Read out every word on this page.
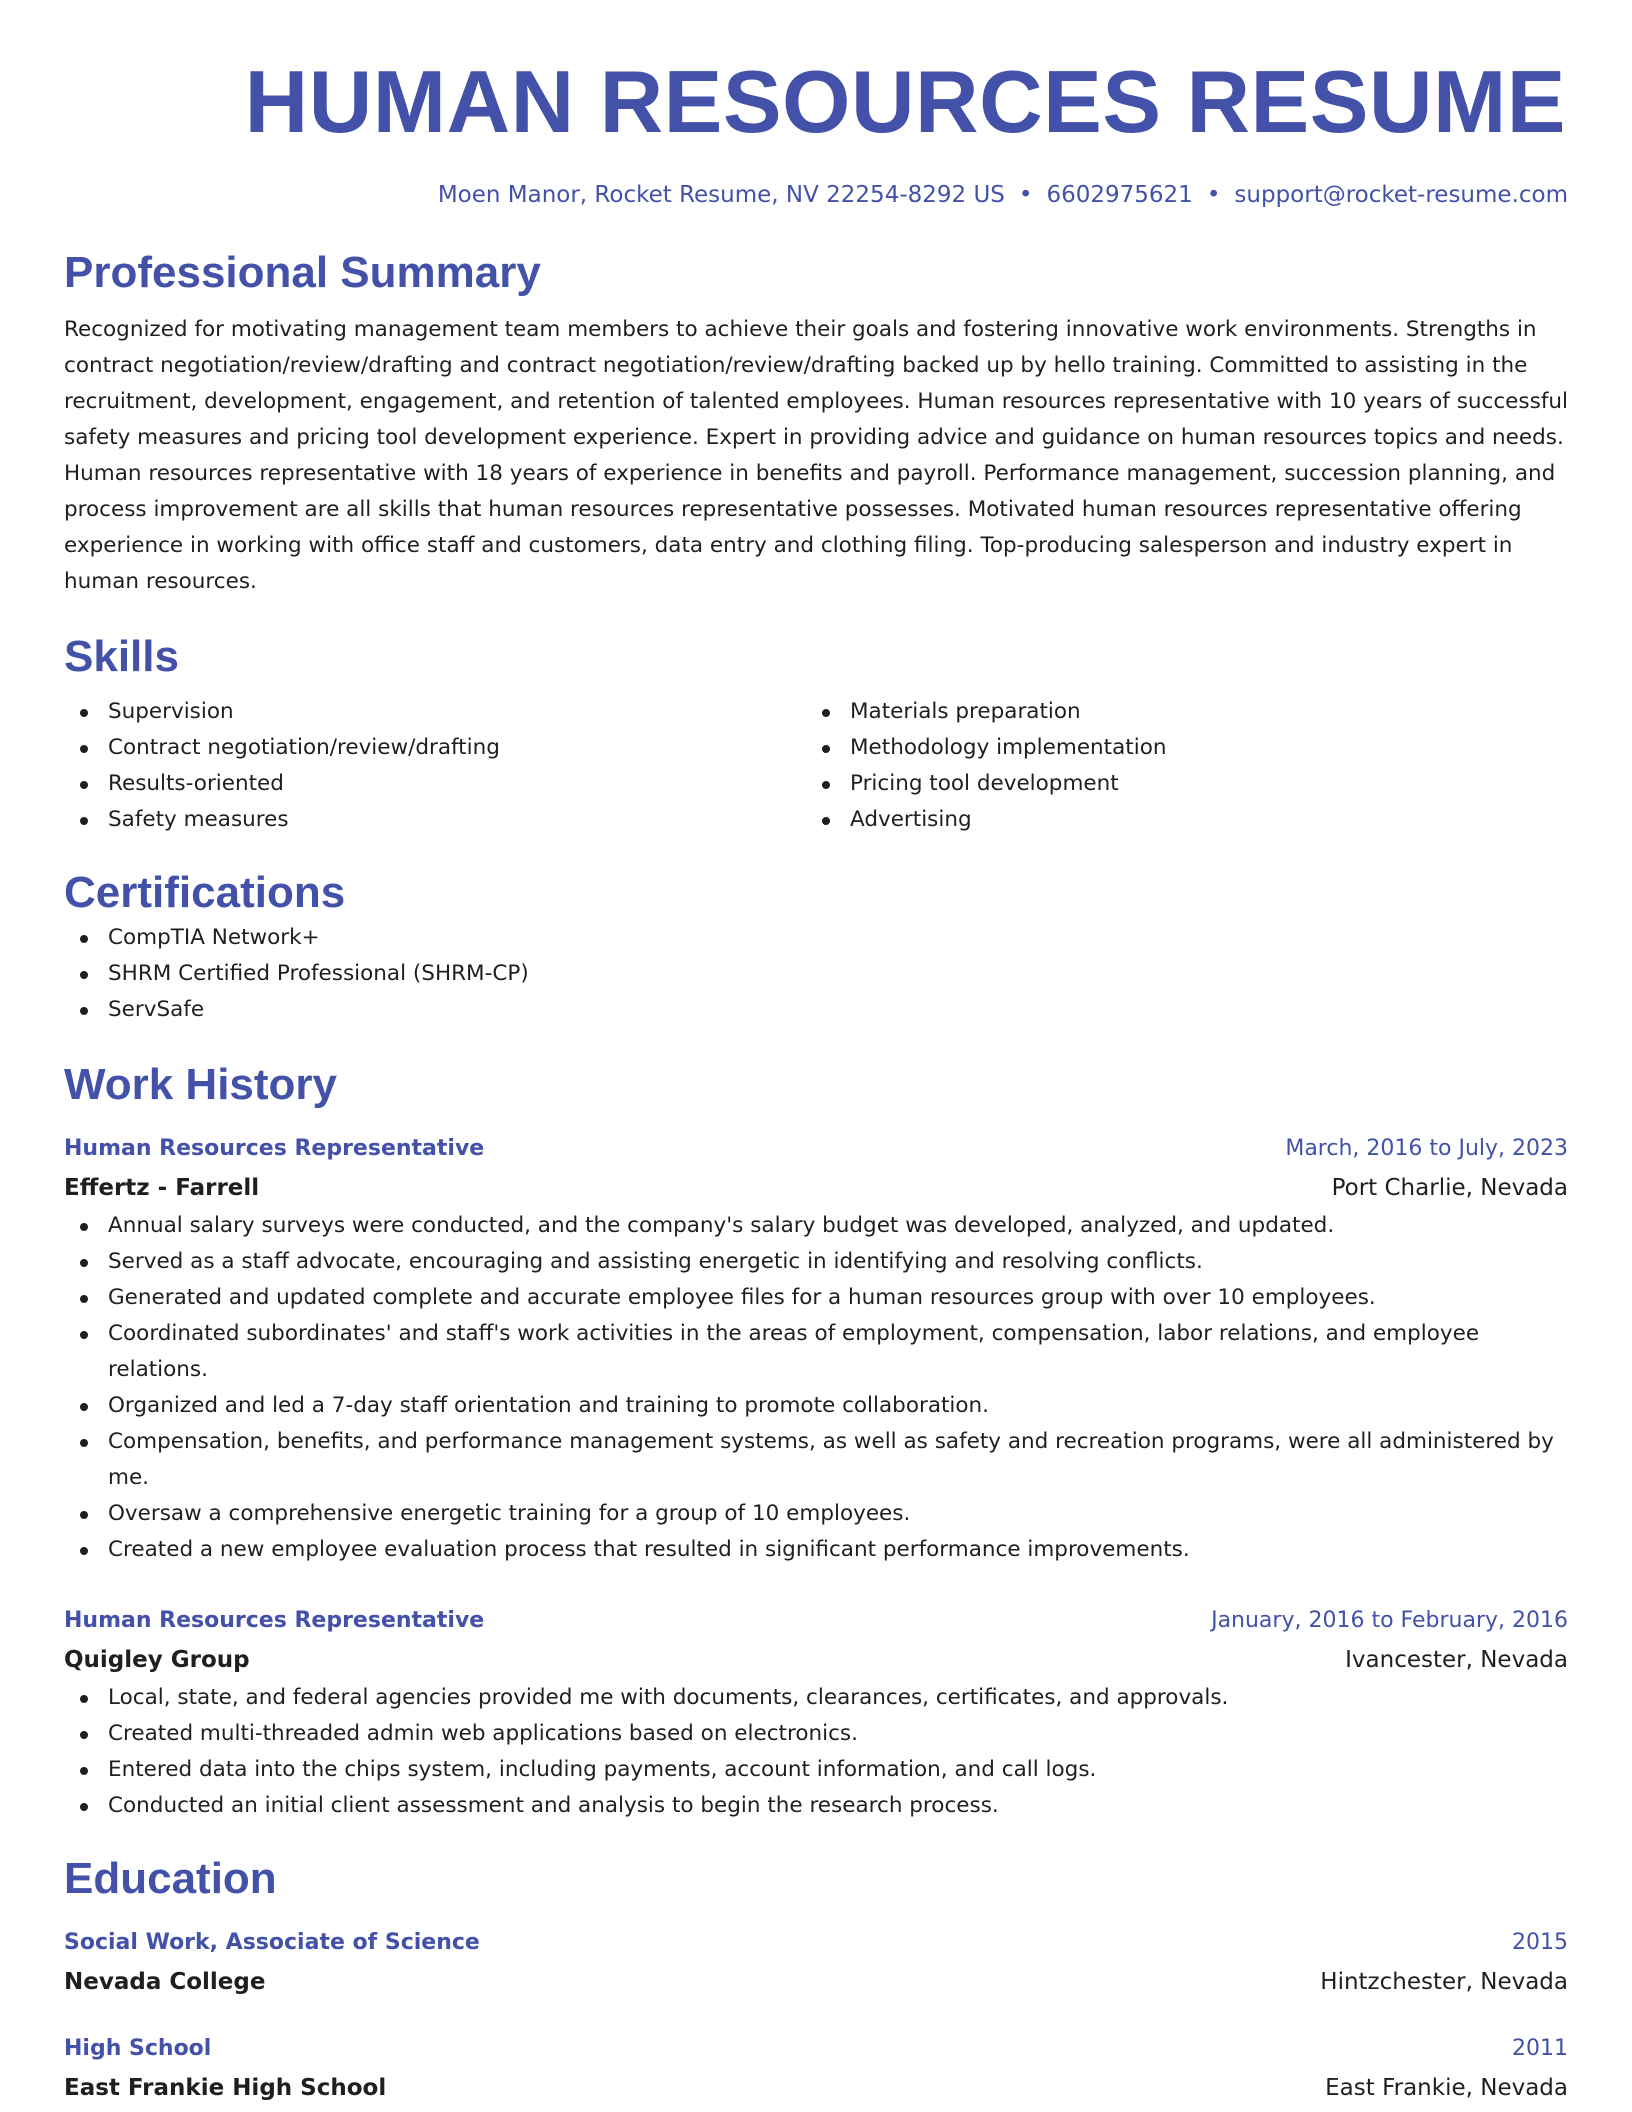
HUMAN RESOURCES RESUME
Moen Manor, Rocket Resume, NV 22254-8292 US • 6602975621 • support@rocket-resume.com
Professional Summary

Recognized for motivating management team members to achieve their goals and fostering innovative work environments. Strengths in contract negotiation/review/drafting and contract negotiation/review/drafting backed up by hello training. Committed to assisting in the recruitment, development, engagement, and retention of talented employees. Human resources representative with 10 years of successful safety measures and pricing tool development experience. Expert in providing advice and guidance on human resources topics and needs. Human resources representative with 18 years of experience in benefits and payroll. Performance management, succession planning, and process improvement are all skills that human resources representative possesses. Motivated human resources representative offering experience in working with office staff and customers, data entry and clothing filing. Top-producing salesperson and industry expert in human resources.

Skills
Supervision
Contract negotiation/review/drafting
Results-oriented
Safety measures
Materials preparation
Methodology implementation
Pricing tool development
Advertising
Certifications
CompTIA Network+
SHRM Certified Professional (SHRM-CP)
ServSafe
Work History
Human Resources Representative	March, 2016 to July, 2023
Effertz - Farrell	Port Charlie, Nevada
Annual salary surveys were conducted, and the company's salary budget was developed, analyzed, and updated.
Served as a staff advocate, encouraging and assisting energetic in identifying and resolving conflicts.
Generated and updated complete and accurate employee files for a human resources group with over 10 employees.
Coordinated subordinates' and staff's work activities in the areas of employment, compensation, labor relations, and employee relations.
Organized and led a 7-day staff orientation and training to promote collaboration.
Compensation, benefits, and performance management systems, as well as safety and recreation programs, were all administered by me.
Oversaw a comprehensive energetic training for a group of 10 employees.
Created a new employee evaluation process that resulted in significant performance improvements.
Human Resources Representative	January, 2016 to February, 2016
Quigley Group	Ivancester, Nevada
Local, state, and federal agencies provided me with documents, clearances, certificates, and approvals.
Created multi-threaded admin web applications based on electronics.
Entered data into the chips system, including payments, account information, and call logs.
Conducted an initial client assessment and analysis to begin the research process.
Education
Social Work, Associate of Science	2015
Nevada College	Hintzchester, Nevada
High School	2011
East Frankie High School	East Frankie, Nevada
